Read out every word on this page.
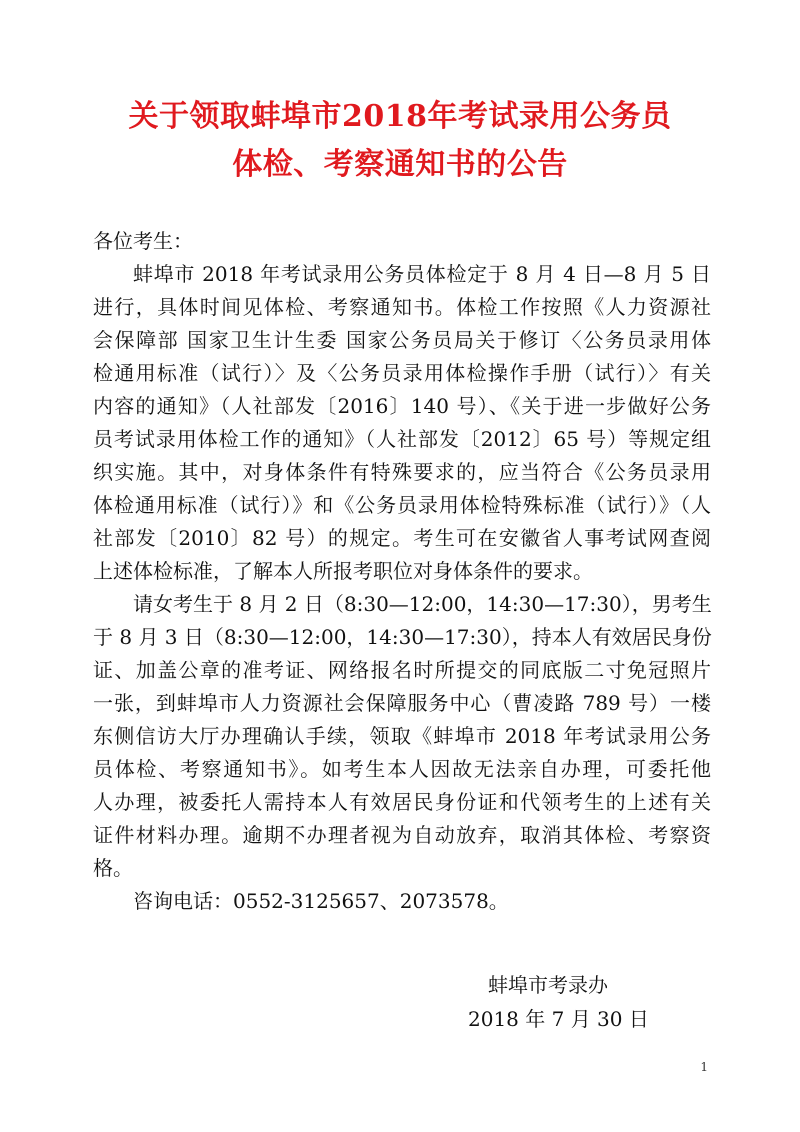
关于领取蚌埠市2018年考试录用公务员
体检、考察通知书的公告
各位考生：
蚌埠市 2018 年考试录用公务员体检定于 8 月 4 日—8 月 5 日
进行，具体时间见体检、考察通知书。体检工作按照《人力资源社
会保障部 国家卫生计生委 国家公务员局关于修订〈公务员录用体
检通用标准（试行）〉及〈公务员录用体检操作手册（试行）〉有关
内容的通知》（人社部发〔2016〕140 号）、《关于进一步做好公务
员考试录用体检工作的通知》（人社部发〔2012〕65 号）等规定组
织实施。其中，对身体条件有特殊要求的，应当符合《公务员录用
体检通用标准（试行）》和《公务员录用体检特殊标准（试行）》（人
社部发〔2010〕82 号）的规定。考生可在安徽省人事考试网查阅
上述体检标准，了解本人所报考职位对身体条件的要求。
请女考生于 8 月 2 日（8:30—12:00，14:30—17:30），男考生
于 8 月 3 日（8:30—12:00，14:30—17:30），持本人有效居民身份
证、加盖公章的准考证、网络报名时所提交的同底版二寸免冠照片
一张，到蚌埠市人力资源社会保障服务中心（曹凌路 789 号）一楼
东侧信访大厅办理确认手续，领取《蚌埠市 2018 年考试录用公务
员体检、考察通知书》。如考生本人因故无法亲自办理，可委托他
人办理，被委托人需持本人有效居民身份证和代领考生的上述有关
证件材料办理。逾期不办理者视为自动放弃，取消其体检、考察资
格。
咨询电话：0552-3125657、2073578。
蚌埠市考录办
2018 年 7 月 30 日
1
